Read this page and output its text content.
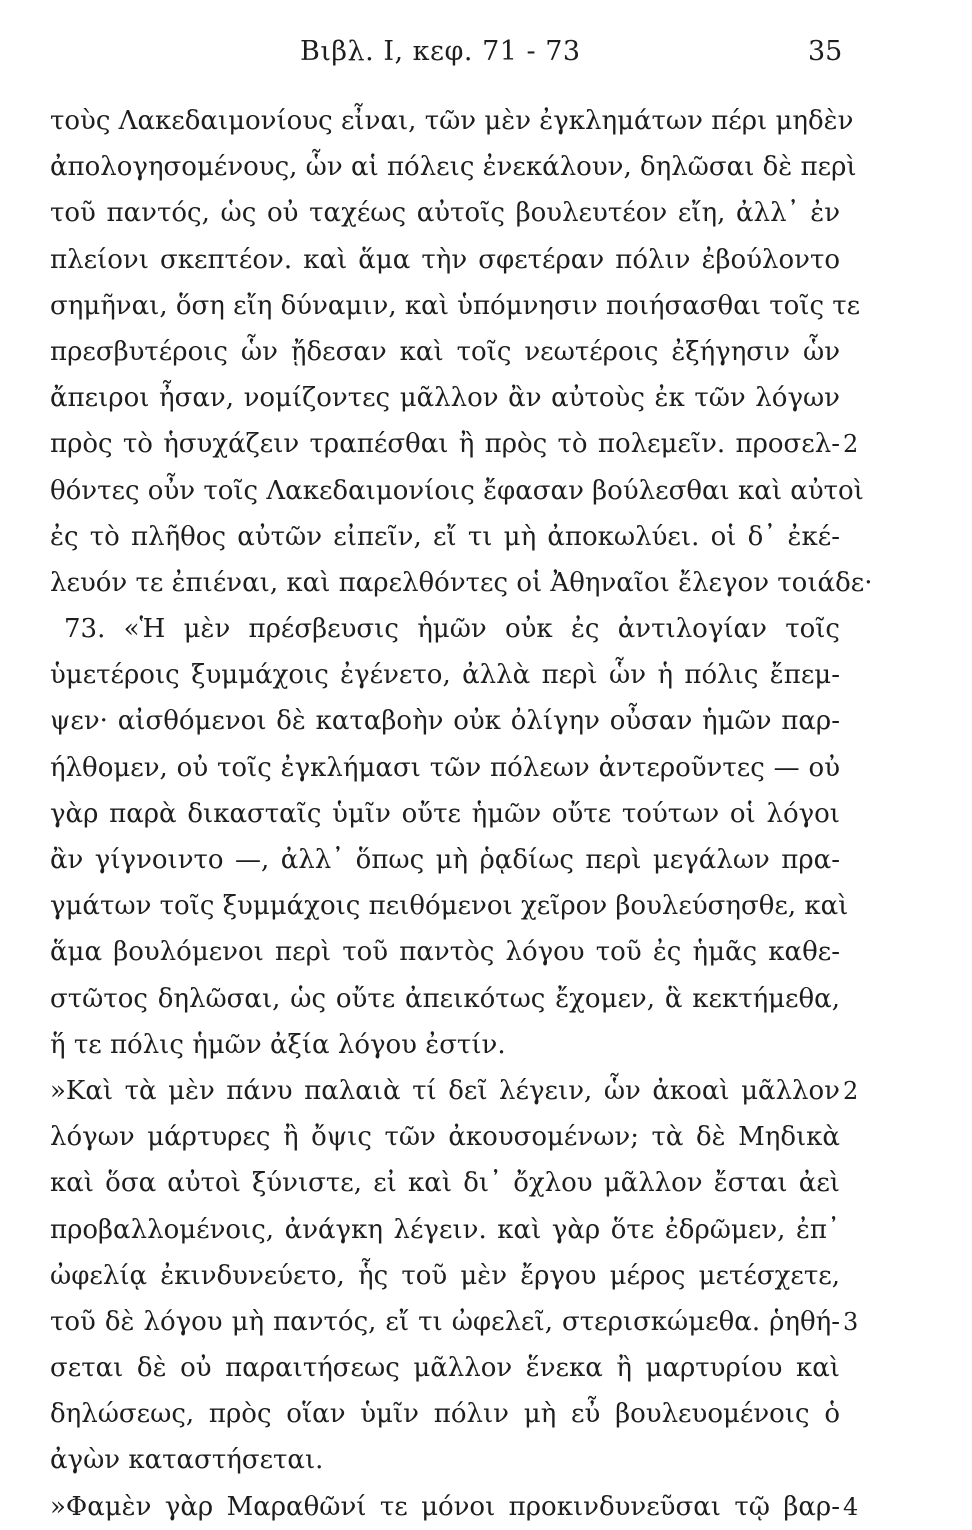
Βιβλ. Ι, κεφ. 71 - 73	35
τοὺς Λακεδαιμονίους εἶναι, τῶν μὲν ἐγκλημάτων πέρι μηδὲν
ἀπολογησομένους, ὧν αἱ πόλεις ἐνεκάλουν, δηλῶσαι δὲ περὶ
τοῦ παντός, ὡς οὐ ταχέως αὐτοῖς βουλευτέον εἴη, ἀλλ᾽ ἐν
πλείονι σκεπτέον. καὶ ἅμα τὴν σφετέραν πόλιν ἐβούλοντο
σημῆναι, ὅση εἴη δύναμιν, καὶ ὑπόμνησιν ποιήσασθαι τοῖς τε
πρεσβυτέροις ὧν ᾔδεσαν καὶ τοῖς νεωτέροις ἐξήγησιν ὧν
ἄπειροι ἦσαν, νομίζοντες μᾶλλον ἂν αὐτοὺς ἐκ τῶν λόγων
πρὸς τὸ ἡσυχάζειν τραπέσθαι ἢ πρὸς τὸ πολεμεῖν. προσελ-
θόντες οὖν τοῖς Λακεδαιμονίοις ἔφασαν βούλεσθαι καὶ αὐτοὶ
ἐς τὸ πλῆθος αὐτῶν εἰπεῖν, εἴ τι μὴ ἀποκωλύει. οἱ δ᾽ ἐκέ-
λευόν τε ἐπιέναι, καὶ παρελθόντες οἱ Ἀθηναῖοι ἔλεγον τοιάδε·
73. «Ἡ μὲν πρέσβευσις ἡμῶν οὐκ ἐς ἀντιλογίαν τοῖς
ὑμετέροις ξυμμάχοις ἐγένετο, ἀλλὰ περὶ ὧν ἡ πόλις ἔπεμ-
ψεν· αἰσθόμενοι δὲ καταβοὴν οὐκ ὀλίγην οὖσαν ἡμῶν παρ-
ήλθομεν, οὐ τοῖς ἐγκλήμασι τῶν πόλεων ἀντεροῦντες — οὐ
γὰρ παρὰ δικασταῖς ὑμῖν οὔτε ἡμῶν οὔτε τούτων οἱ λόγοι
ἂν γίγνοιντο —, ἀλλ᾽ ὅπως μὴ ῥᾳδίως περὶ μεγάλων πρα-
γμάτων τοῖς ξυμμάχοις πειθόμενοι χεῖρον βουλεύσησθε, καὶ
ἅμα βουλόμενοι περὶ τοῦ παντὸς λόγου τοῦ ἐς ἡμᾶς καθε-
στῶτος δηλῶσαι, ὡς οὔτε ἀπεικότως ἔχομεν, ἃ κεκτήμεθα,
ἥ τε πόλις ἡμῶν ἀξία λόγου ἐστίν.
»Καὶ τὰ μὲν πάνυ παλαιὰ τί δεῖ λέγειν, ὧν ἀκοαὶ μᾶλλον
λόγων μάρτυρες ἢ ὄψις τῶν ἀκουσομένων; τὰ δὲ Μηδικὰ
καὶ ὅσα αὐτοὶ ξύνιστε, εἰ καὶ δι᾽ ὄχλου μᾶλλον ἔσται ἀεὶ
προβαλλομένοις, ἀνάγκη λέγειν. καὶ γὰρ ὅτε ἐδρῶμεν, ἐπ᾽
ὠφελίᾳ ἐκινδυνεύετο, ἧς τοῦ μὲν ἔργου μέρος μετέσχετε,
τοῦ δὲ λόγου μὴ παντός, εἴ τι ὠφελεῖ, στερισκώμεθα. ῥηθή-
σεται δὲ οὐ παραιτήσεως μᾶλλον ἕνεκα ἢ μαρτυρίου καὶ
δηλώσεως, πρὸς οἵαν ὑμῖν πόλιν μὴ εὖ βουλευομένοις ὁ
ἀγὼν καταστήσεται.
»Φαμὲν γὰρ Μαραθῶνί τε μόνοι προκινδυνεῦσαι τῷ βαρ-
2
2
3
4
